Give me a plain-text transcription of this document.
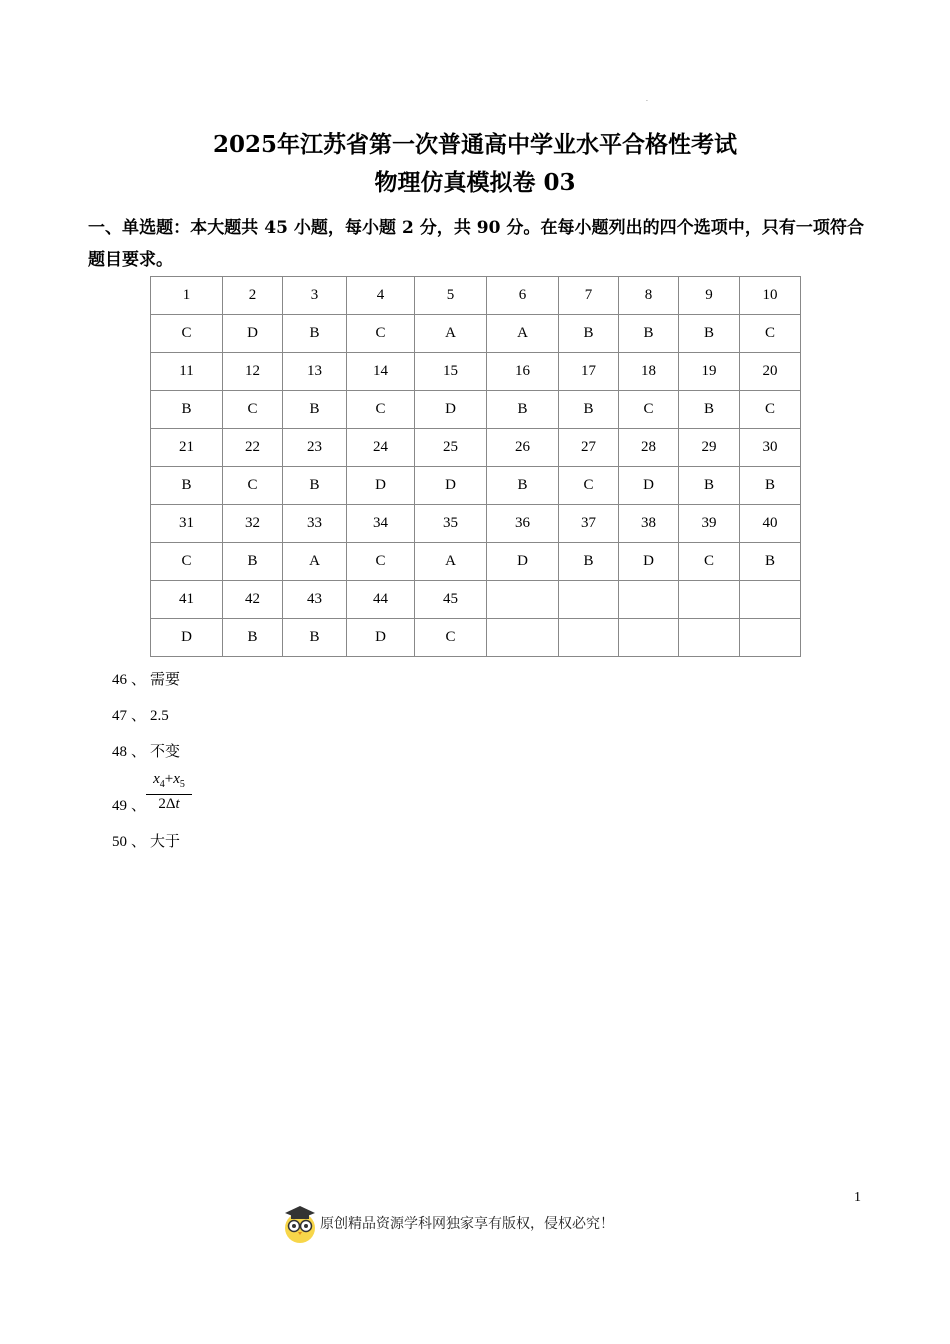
.
2025年江苏省第一次普通高中学业水平合格性考试
物理仿真模拟卷 03
一、单选题：本大题共 45 小题，每小题 2 分，共 90 分。在每小题列出的四个选项中，只有一项符合题目要求。
1	2	3	4	5	6	7	8	9	10
C	D	B	C	A	A	B	B	B	C
11	12	13	14	15	16	17	18	19	20
B	C	B	C	D	B	B	C	B	C
21	22	23	24	25	26	27	28	29	30
B	C	B	D	D	B	C	D	B	B
31	32	33	34	35	36	37	38	39	40
C	B	A	C	A	D	B	D	C	B
41	42	43	44	45					
D	B	B	D	C					
46 、 需要
47 、 2.5
48 、 不变
49 、 $\frac{x_4+x_5}{2\Delta t}$
50 、 大于
1
原创精品资源学科网独家享有版权，侵权必究！
